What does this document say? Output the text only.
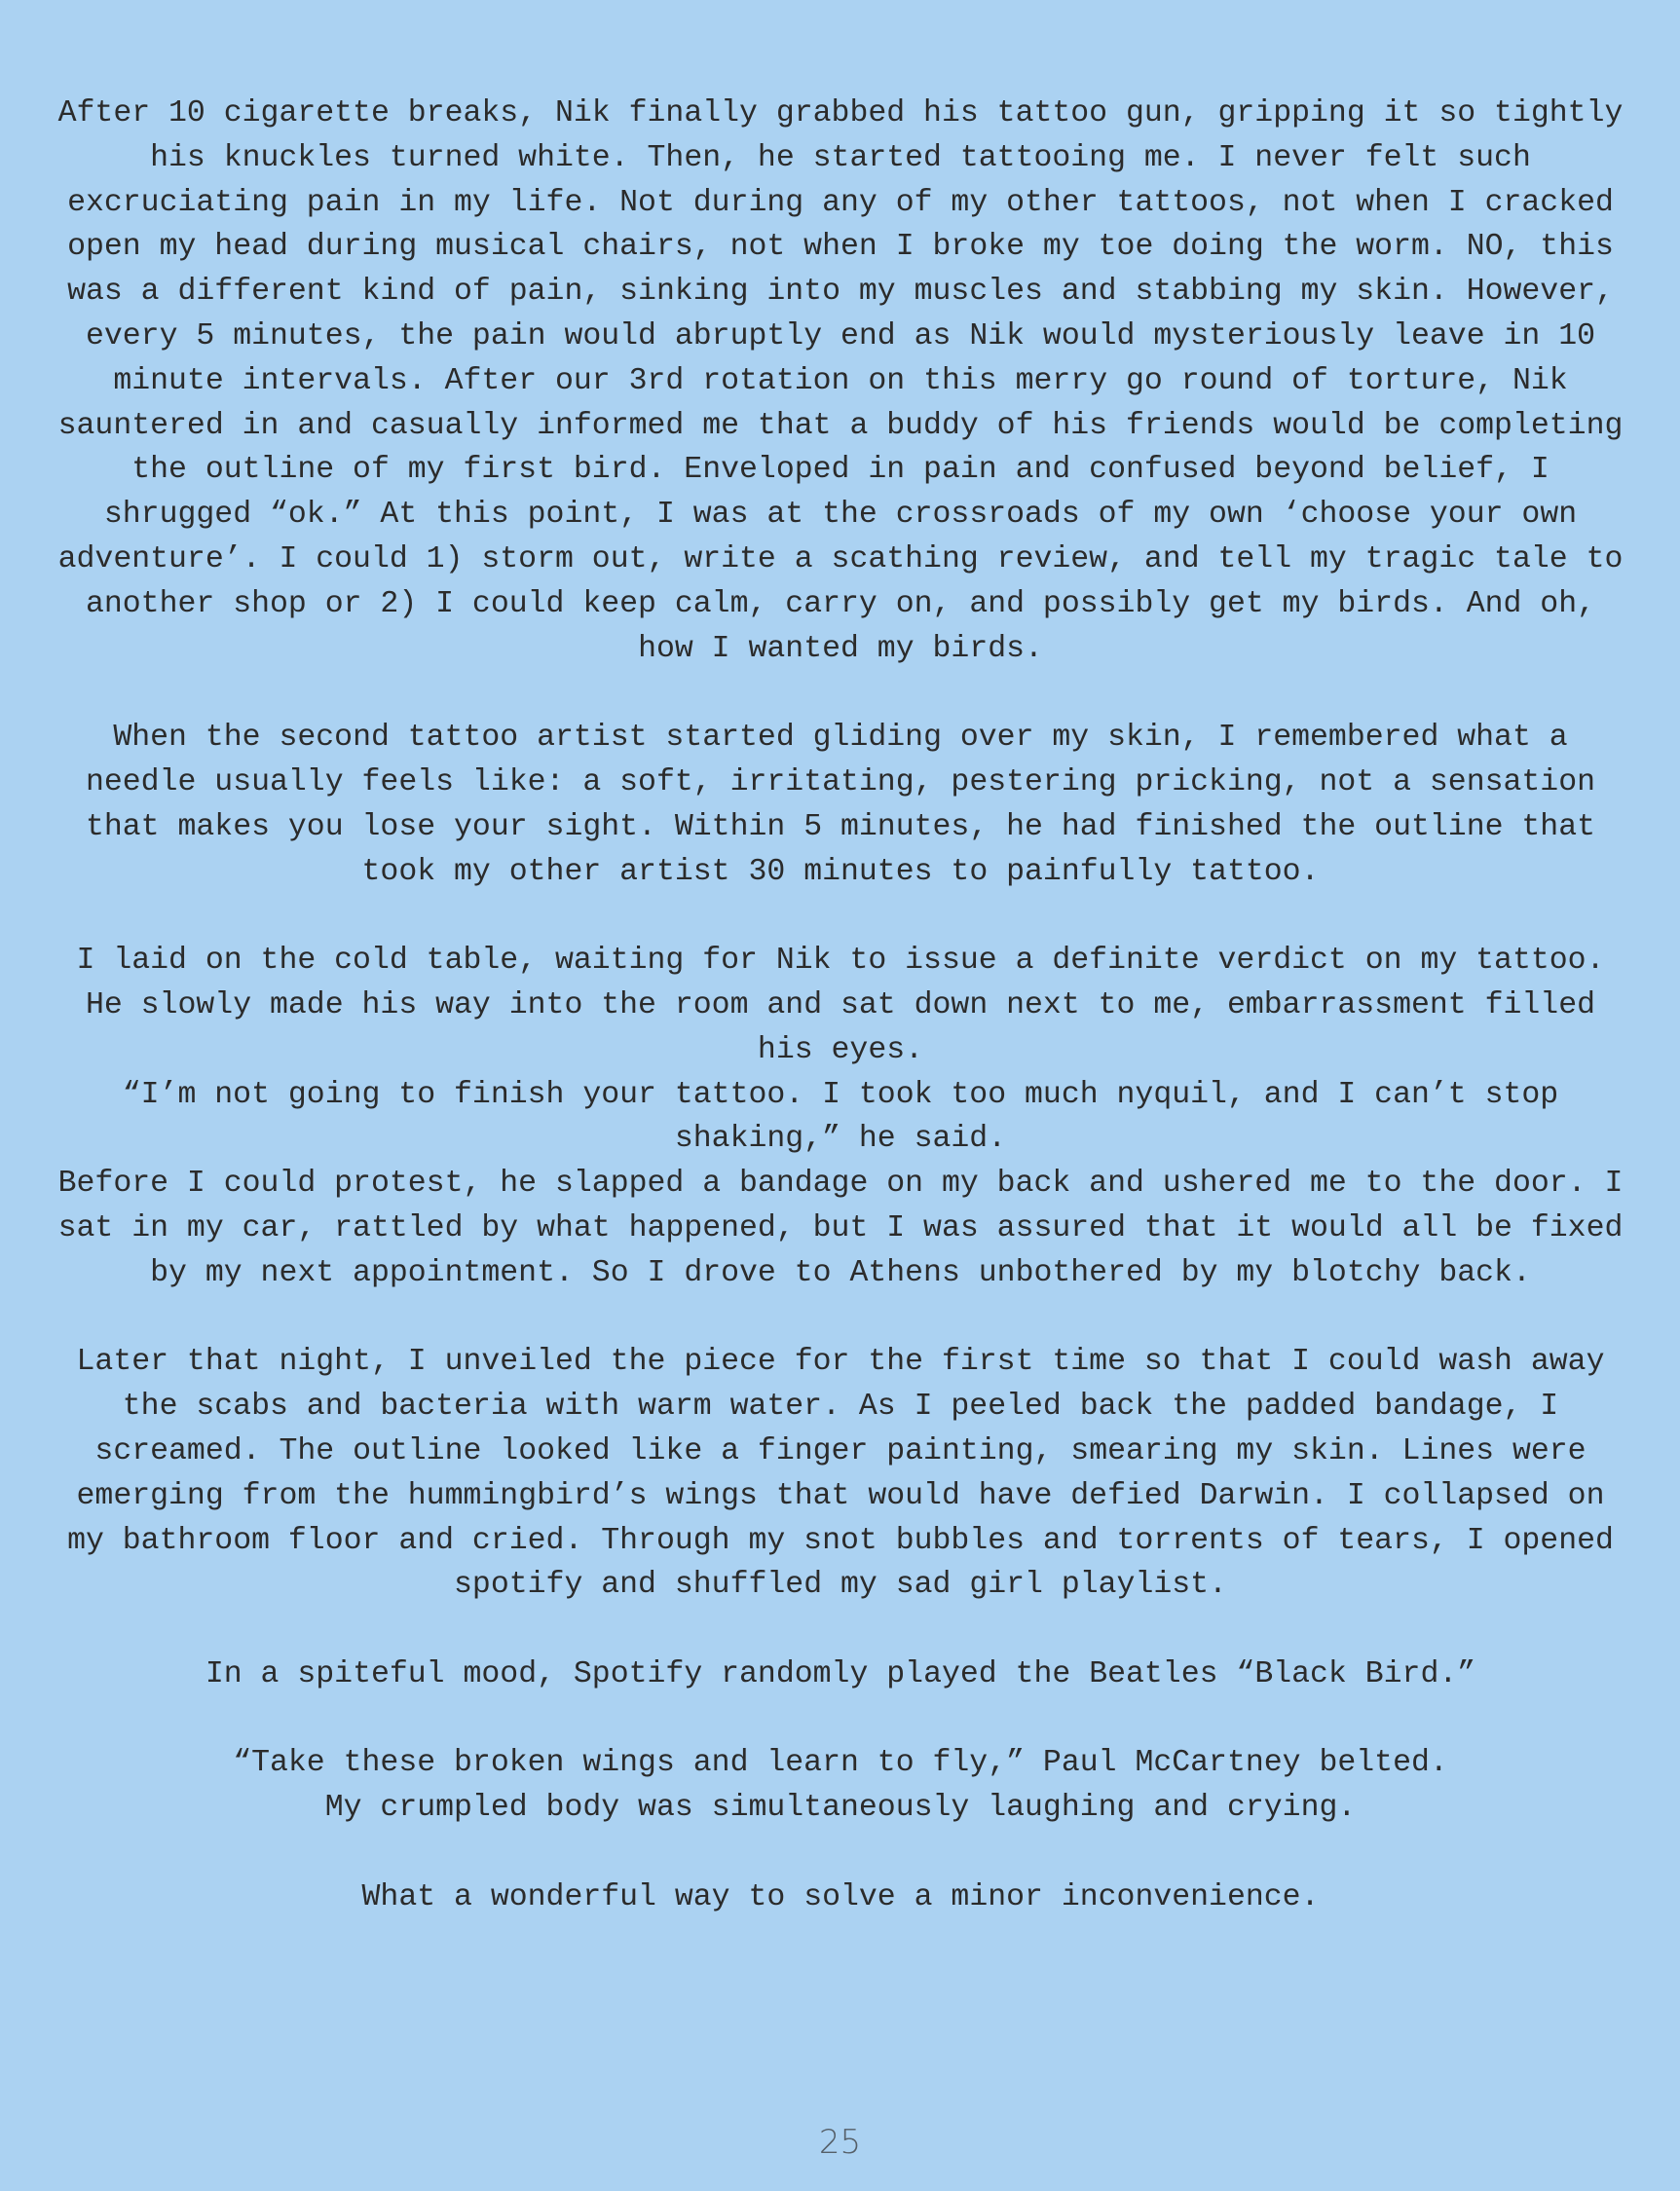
After 10 cigarette breaks, Nik finally grabbed his tattoo gun, gripping it so tightly his knuckles turned white. Then, he started tattooing me. I never felt such excruciating pain in my life. Not during any of my other tattoos, not when I cracked open my head during musical chairs, not when I broke my toe doing the worm. NO, this was a different kind of pain, sinking into my muscles and stabbing my skin. However, every 5 minutes, the pain would abruptly end as Nik would mysteriously leave in 10 minute intervals. After our 3rd rotation on this merry go round of torture, Nik sauntered in and casually informed me that a buddy of his friends would be completing the outline of my first bird. Enveloped in pain and confused beyond belief, I shrugged “ok.” At this point, I was at the crossroads of my own ‘choose your own adventure’. I could 1) storm out, write a scathing review, and tell my tragic tale to another shop or 2) I could keep calm, carry on, and possibly get my birds. And oh, how I wanted my birds.

When the second tattoo artist started gliding over my skin, I remembered what a needle usually feels like: a soft, irritating, pestering pricking, not a sensation that makes you lose your sight. Within 5 minutes, he had finished the outline that took my other artist 30 minutes to painfully tattoo.

I laid on the cold table, waiting for Nik to issue a definite verdict on my tattoo.

He slowly made his way into the room and sat down next to me, embarrassment filled his eyes.

“I’m not going to finish your tattoo. I took too much nyquil, and I can’t stop shaking,” he said.

Before I could protest, he slapped a bandage on my back and ushered me to the door. I sat in my car, rattled by what happened, but I was assured that it would all be fixed by my next appointment. So I drove to Athens unbothered by my blotchy back.

Later that night, I unveiled the piece for the first time so that I could wash away the scabs and bacteria with warm water. As I peeled back the padded bandage, I screamed. The outline looked like a finger painting, smearing my skin. Lines were emerging from the hummingbird’s wings that would have defied Darwin. I collapsed on my bathroom floor and cried. Through my snot bubbles and torrents of tears, I opened spotify and shuffled my sad girl playlist.

In a spiteful mood, Spotify randomly played the Beatles “Black Bird.”

“Take these broken wings and learn to fly,” Paul McCartney belted.

My crumpled body was simultaneously laughing and crying.

What a wonderful way to solve a minor inconvenience.

25
